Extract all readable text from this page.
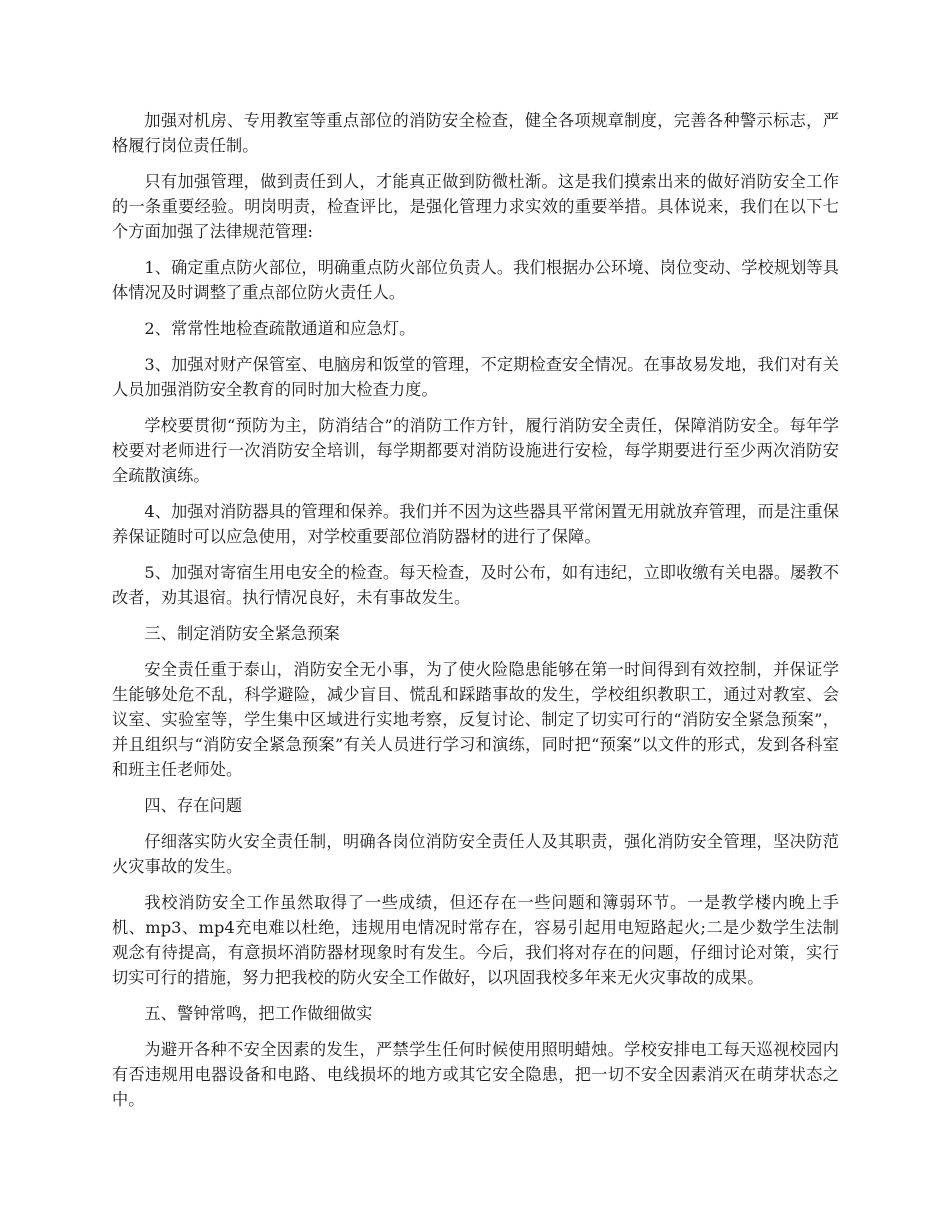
加强对机房、专用教室等重点部位的消防安全检查，健全各项规章制度，完善各种警示标志，严格履行岗位责任制。

只有加强管理，做到责任到人，才能真正做到防微杜渐。这是我们摸索出来的做好消防安全工作的一条重要经验。明岗明责，检查评比，是强化管理力求实效的重要举措。具体说来，我们在以下七个方面加强了法律规范管理:

1、确定重点防火部位，明确重点防火部位负责人。我们根据办公环境、岗位变动、学校规划等具体情况及时调整了重点部位防火责任人。

2、常常性地检查疏散通道和应急灯。

3、加强对财产保管室、电脑房和饭堂的管理，不定期检查安全情况。在事故易发地，我们对有关人员加强消防安全教育的同时加大检查力度。

学校要贯彻“预防为主，防消结合”的消防工作方针，履行消防安全责任，保障消防安全。每年学校要对老师进行一次消防安全培训，每学期都要对消防设施进行安检，每学期要进行至少两次消防安全疏散演练。

4、加强对消防器具的管理和保养。我们并不因为这些器具平常闲置无用就放弃管理，而是注重保养保证随时可以应急使用，对学校重要部位消防器材的进行了保障。

5、加强对寄宿生用电安全的检查。每天检查，及时公布，如有违纪，立即收缴有关电器。屡教不改者，劝其退宿。执行情况良好，未有事故发生。

三、制定消防安全紧急预案

安全责任重于泰山，消防安全无小事，为了使火险隐患能够在第一时间得到有效控制，并保证学生能够处危不乱，科学避险，减少盲目、慌乱和踩踏事故的发生，学校组织教职工，通过对教室、会议室、实验室等，学生集中区域进行实地考察，反复讨论、制定了切实可行的“消防安全紧急预案”，并且组织与“消防安全紧急预案”有关人员进行学习和演练，同时把“预案”以文件的形式，发到各科室和班主任老师处。

四、存在问题

仔细落实防火安全责任制，明确各岗位消防安全责任人及其职责，强化消防安全管理，坚决防范火灾事故的发生。

我校消防安全工作虽然取得了一些成绩，但还存在一些问题和簿弱环节。一是教学楼内晚上手机、mp3、mp4充电难以杜绝，违规用电情况时常存在，容易引起用电短路起火;二是少数学生法制观念有待提高，有意损坏消防器材现象时有发生。今后，我们将对存在的问题，仔细讨论对策，实行切实可行的措施，努力把我校的防火安全工作做好，以巩固我校多年来无火灾事故的成果。

五、警钟常鸣，把工作做细做实

为避开各种不安全因素的发生，严禁学生任何时候使用照明蜡烛。学校安排电工每天巡视校园内有否违规用电器设备和电路、电线损坏的地方或其它安全隐患，把一切不安全因素消灭在萌芽状态之中。
